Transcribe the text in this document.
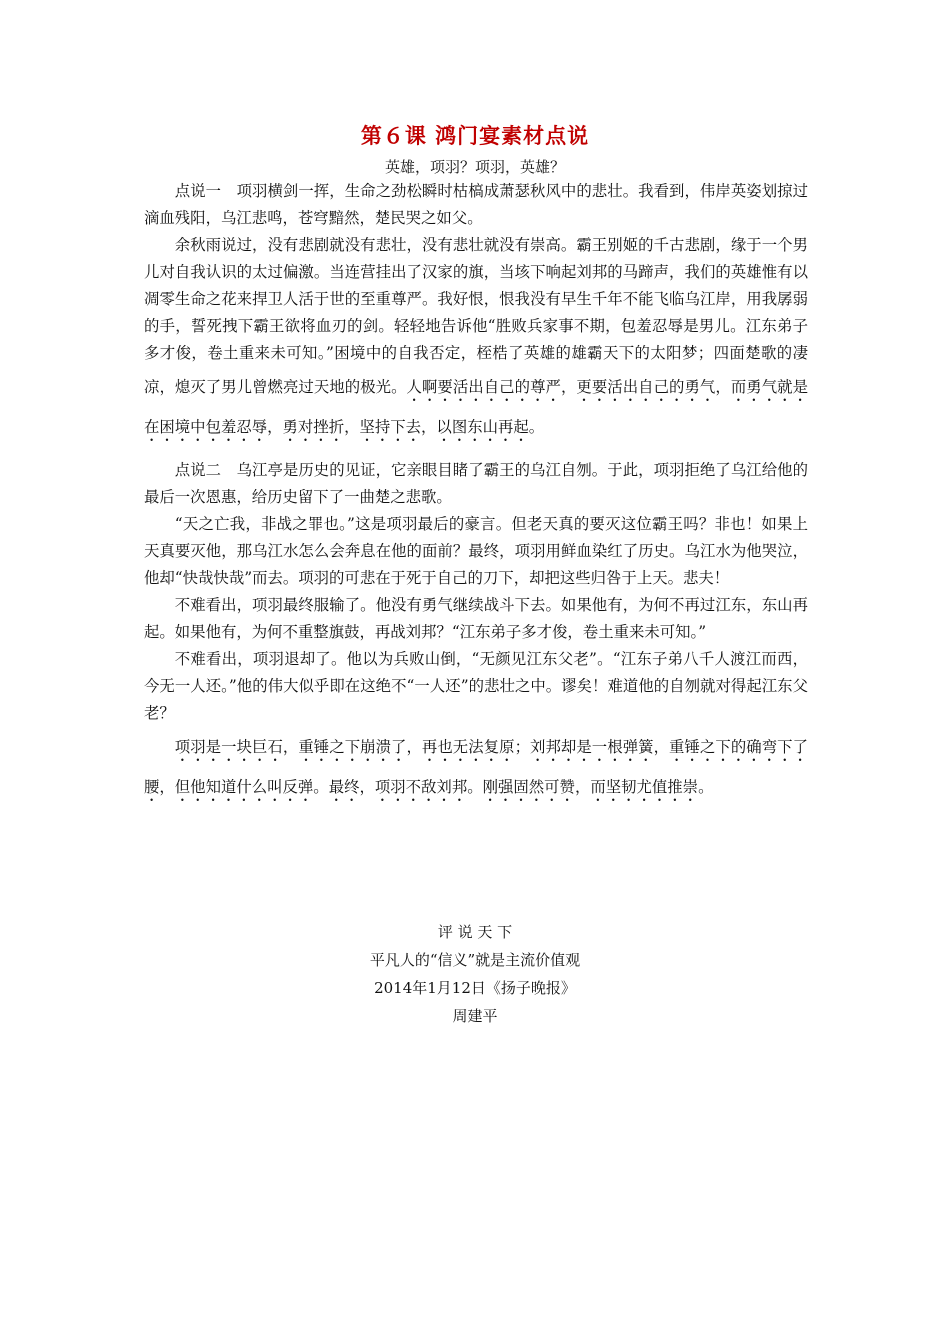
第６课 鸿门宴素材点说
英雄，项羽？项羽，英雄？

点说一　项羽横剑一挥，生命之劲松瞬时枯槁成萧瑟秋风中的悲壮。我看到，伟岸英姿划掠过滴血残阳，乌江悲鸣，苍穹黯然，楚民哭之如父。

余秋雨说过，没有悲剧就没有悲壮，没有悲壮就没有崇高。霸王别姬的千古悲剧，缘于一个男儿对自我认识的太过偏激。当连营挂出了汉家的旗，当垓下响起刘邦的马蹄声，我们的英雄惟有以凋零生命之花来捍卫人活于世的至重尊严。我好恨，恨我没有早生千年不能飞临乌江岸，用我孱弱的手，誓死拽下霸王欲将血刃的剑。轻轻地告诉他“胜败兵家事不期，包羞忍辱是男儿。江东弟子多才俊，卷土重来未可知。”困境中的自我否定，桎梏了英雄的雄霸天下的太阳梦；四面楚歌的凄凉，熄灭了男儿曾燃亮过天地的极光。

人啊要活出自己的尊严，更要活出自己的勇气，而勇气就是在困境中包羞忍辱，勇对挫折，坚持下去，以图东山再起。

点说二　乌江亭是历史的见证，它亲眼目睹了霸王的乌江自刎。于此，项羽拒绝了乌江给他的最后一次恩惠，给历史留下了一曲楚之悲歌。

“天之亡我，非战之罪也。”这是项羽最后的豪言。但老天真的要灭这位霸王吗？非也！如果上天真要灭他，那乌江水怎么会奔息在他的面前？最终，项羽用鲜血染红了历史。乌江水为他哭泣，他却“快哉快哉”而去。项羽的可悲在于死于自己的刀下，却把这些归咎于上天。悲夫！

不难看出，项羽最终服输了。他没有勇气继续战斗下去。如果他有，为何不再过江东，东山再起。如果他有，为何不重整旗鼓，再战刘邦？“江东弟子多才俊，卷土重来未可知。”

不难看出，项羽退却了。他以为兵败山倒，“无颜见江东父老”。“江东子弟八千人渡江而西，今无一人还。”他的伟大似乎即在这绝不“一人还”的悲壮之中。谬矣！难道他的自刎就对得起江东父老？

项羽是一块巨石，重锤之下崩溃了，再也无法复原；刘邦却是一根弹簧，重锤之下的确弯下了腰，但他知道什么叫反弹。最终，项羽不敌刘邦。刚强固然可赞，而坚韧尤值推崇。

评 说 天 下
平凡人的“信义”就是主流价值观
2014年1月12日《扬子晚报》
周建平
